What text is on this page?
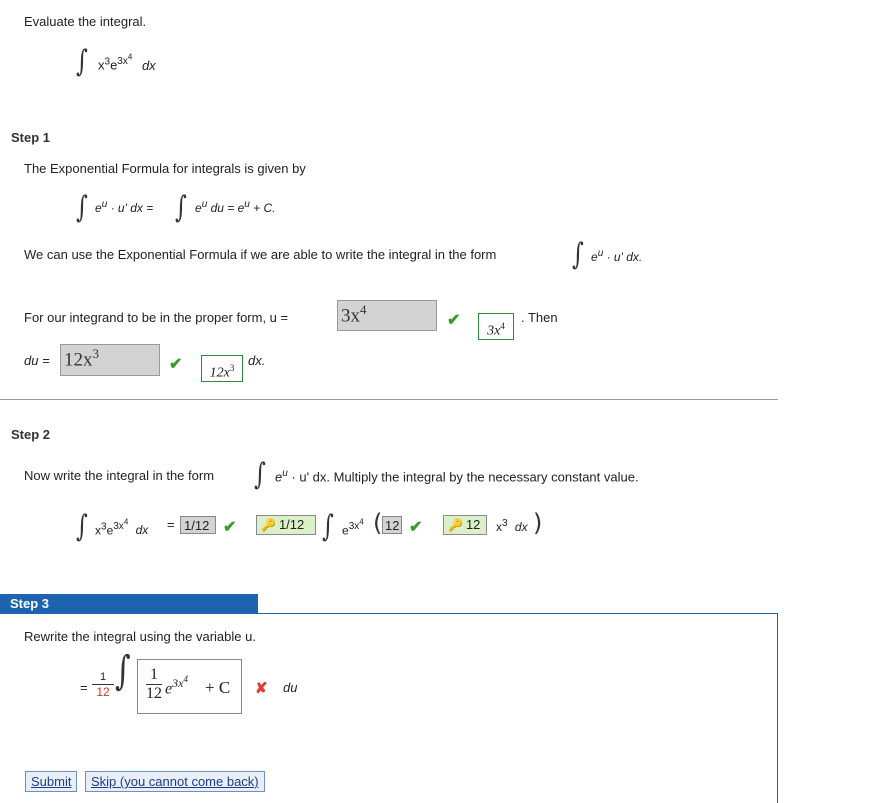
Evaluate the integral.
∫ $x^3e^{3x^4}$ dx
Step 1
The Exponential Formula for integrals is given by
∫ $e^u \cdot u'$ dx = ∫ $e^u$ du = $e^u + C$.
We can use the Exponential Formula if we are able to write the integral in the form	∫ $e^u \cdot u'$ dx.
For our integrand to be in the proper form, u =	$3x^4$
✔
$3x^4$
. Then
du = $12x^3$
✔
$12x^3$	dx.
Step 2
Now write the integral in the form ∫ $e^u \cdot u'$ dx. Multiply the integral by the necessary constant value.
∫ $x^3e^{3x^4}$ dx = 1/12 ✔	🔑 1/12 ∫ $e^{3x^4}$ ( 12 ✔	🔑 12	$x^3$ dx )
Step 3
Rewrite the integral using the variable u.
=
1
12 ∫ 1
12 $e^{3x^4} + C$ ✘ du
Submit	Skip (you cannot come back)
